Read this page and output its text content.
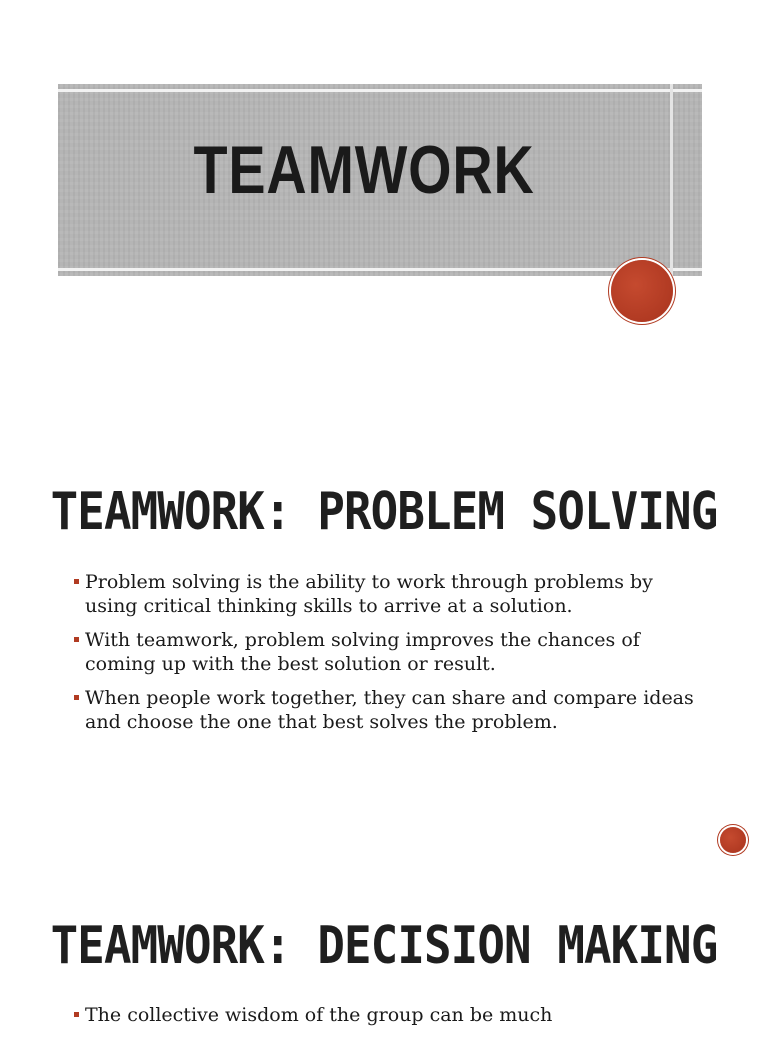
TEAMWORK
TEAMWORK: PROBLEM SOLVING
Problem solving is the ability to work through problems by using critical thinking skills to arrive at a solution.
With teamwork, problem solving improves the chances of coming up with the best solution or result.
When people work together, they can share and compare ideas and choose the one that best solves the problem.
TEAMWORK: DECISION MAKING
The collective wisdom of the group can be much
